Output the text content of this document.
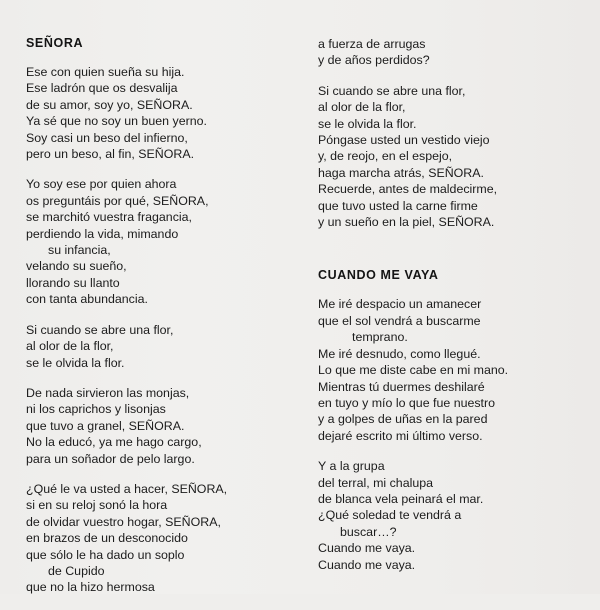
SEÑORA
Ese con quien sueña su hija.
Ese ladrón que os desvalija
de su amor, soy yo, SEÑORA.
Ya sé que no soy un buen yerno.
Soy casi un beso del infierno,
pero un beso, al fin, SEÑORA.
Yo soy ese por quien ahora
os preguntáis por qué, SEÑORA,
se marchitó vuestra fragancia,
perdiendo la vida, mimando
su infancia,
velando su sueño,
llorando su llanto
con tanta abundancia.
Si cuando se abre una flor,
al olor de la flor,
se le olvida la flor.
De nada sirvieron las monjas,
ni los caprichos y lisonjas
que tuvo a granel, SEÑORA.
No la educó, ya me hago cargo,
para un soñador de pelo largo.
¿Qué le va usted a hacer, SEÑORA,
si en su reloj sonó la hora
de olvidar vuestro hogar, SEÑORA,
en brazos de un desconocido
que sólo le ha dado un soplo
de Cupido
que no la hizo hermosa
a fuerza de arrugas
y de años perdidos?
Si cuando se abre una flor,
al olor de la flor,
se le olvida la flor.
Póngase usted un vestido viejo
y, de reojo, en el espejo,
haga marcha atrás, SEÑORA.
Recuerde, antes de maldecirme,
que tuvo usted la carne firme
y un sueño en la piel, SEÑORA.
CUANDO ME VAYA
Me iré despacio un amanecer
que el sol vendrá a buscarme
temprano.
Me iré desnudo, como llegué.
Lo que me diste cabe en mi mano.
Mientras tú duermes deshilaré
en tuyo y mío lo que fue nuestro
y a golpes de uñas en la pared
dejaré escrito mi último verso.
Y a la grupa
del terral, mi chalupa
de blanca vela peinará el mar.
¿Qué soledad te vendrá a
buscar…?
Cuando me vaya.
Cuando me vaya.
